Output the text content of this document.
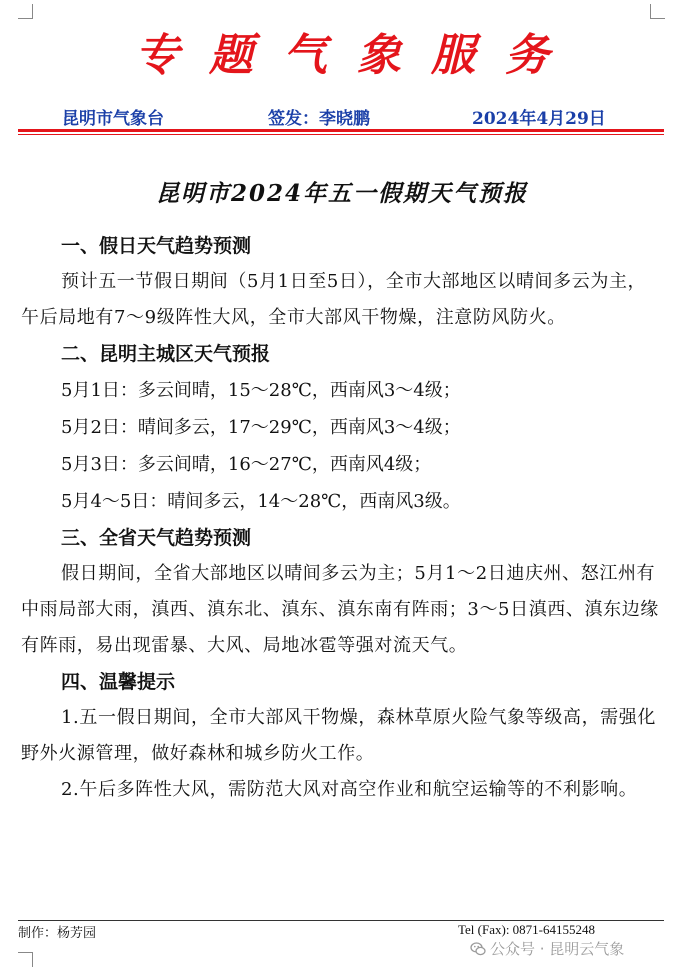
专题气象服务
昆明市气象台	签发：李晓鹏	2024年4月29日
昆明市2024年五一假期天气预报

一、假日天气趋势预测

预计五一节假日期间（5月1日至5日），全市大部地区以晴间多云为主，午后局地有7～9级阵性大风，全市大部风干物燥，注意防风防火。

二、昆明主城区天气预报

5月1日：多云间晴，15～28℃，西南风3～4级；

5月2日：晴间多云，17～29℃，西南风3～4级；

5月3日：多云间晴，16～27℃，西南风4级；

5月4～5日：晴间多云，14～28℃，西南风3级。

三、全省天气趋势预测

假日期间，全省大部地区以晴间多云为主；5月1～2日迪庆州、怒江州有中雨局部大雨，滇西、滇东北、滇东、滇东南有阵雨；3～5日滇西、滇东边缘有阵雨，易出现雷暴、大风、局地冰雹等强对流天气。

四、温馨提示

1.五一假日期间，全市大部风干物燥，森林草原火险气象等级高，需强化野外火源管理，做好森林和城乡防火工作。

2.午后多阵性大风，需防范大风对高空作业和航空运输等的不利影响。

制作：杨芳园	Tel (Fax): 0871-64155248
公众号 · 昆明云气象
